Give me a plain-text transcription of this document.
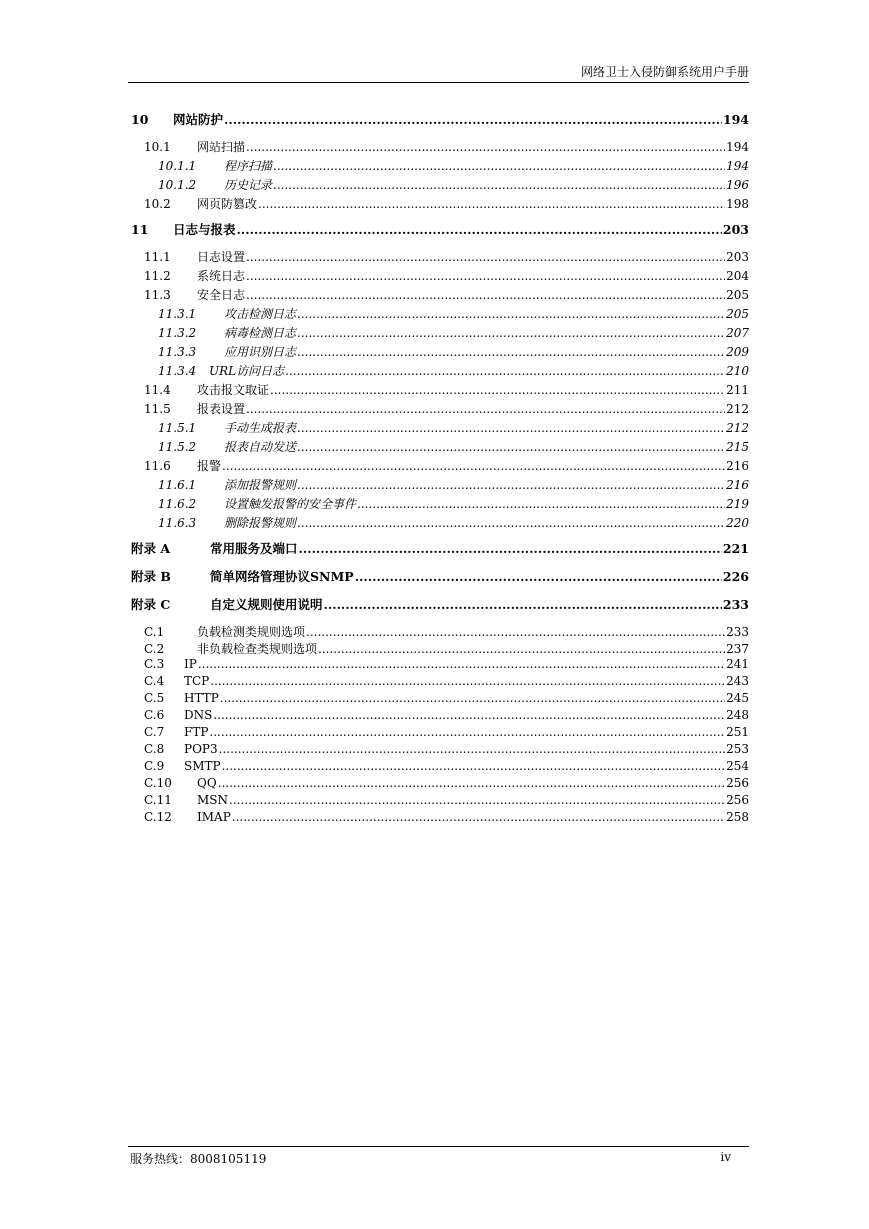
网络卫士入侵防御系统用户手册
10	网站防护 .....	194
10.1	网站扫描 .....	194
10.1.1	程序扫描 .....	194
10.1.2	历史记录 .....	196
10.2	网页防篡改 .....	198
11	日志与报表 .....	203
11.1	日志设置 .....	203
11.2	系统日志 .....	204
11.3	安全日志 .....	205
11.3.1	攻击检测日志 .....	205
11.3.2	病毒检测日志 .....	207
11.3.3	应用识别日志 .....	209
11.3.4	URL访问日志 .....	210
11.4	攻击报文取证 .....	211
11.5	报表设置 .....	212
11.5.1	手动生成报表 .....	212
11.5.2	报表自动发送 .....	215
11.6	报警 .....	216
11.6.1	添加报警规则 .....	216
11.6.2	设置触发报警的安全事件 .....	219
11.6.3	删除报警规则 .....	220
附录 A	常用服务及端口 .....	221
附录 B	简单网络管理协议SNMP .....	226
附录 C	自定义规则使用说明 .....	233
C.1	负载检测类规则选项 .....	233
C.2	非负载检查类规则选项 .....	237
C.3	IP .....	241
C.4	TCP .....	243
C.5	HTTP .....	245
C.6	DNS .....	248
C.7	FTP .....	251
C.8	POP3 .....	253
C.9	SMTP .....	254
C.10	QQ .....	256
C.11	MSN .....	256
C.12	IMAP .....	258
服务热线：8008105119	iv
